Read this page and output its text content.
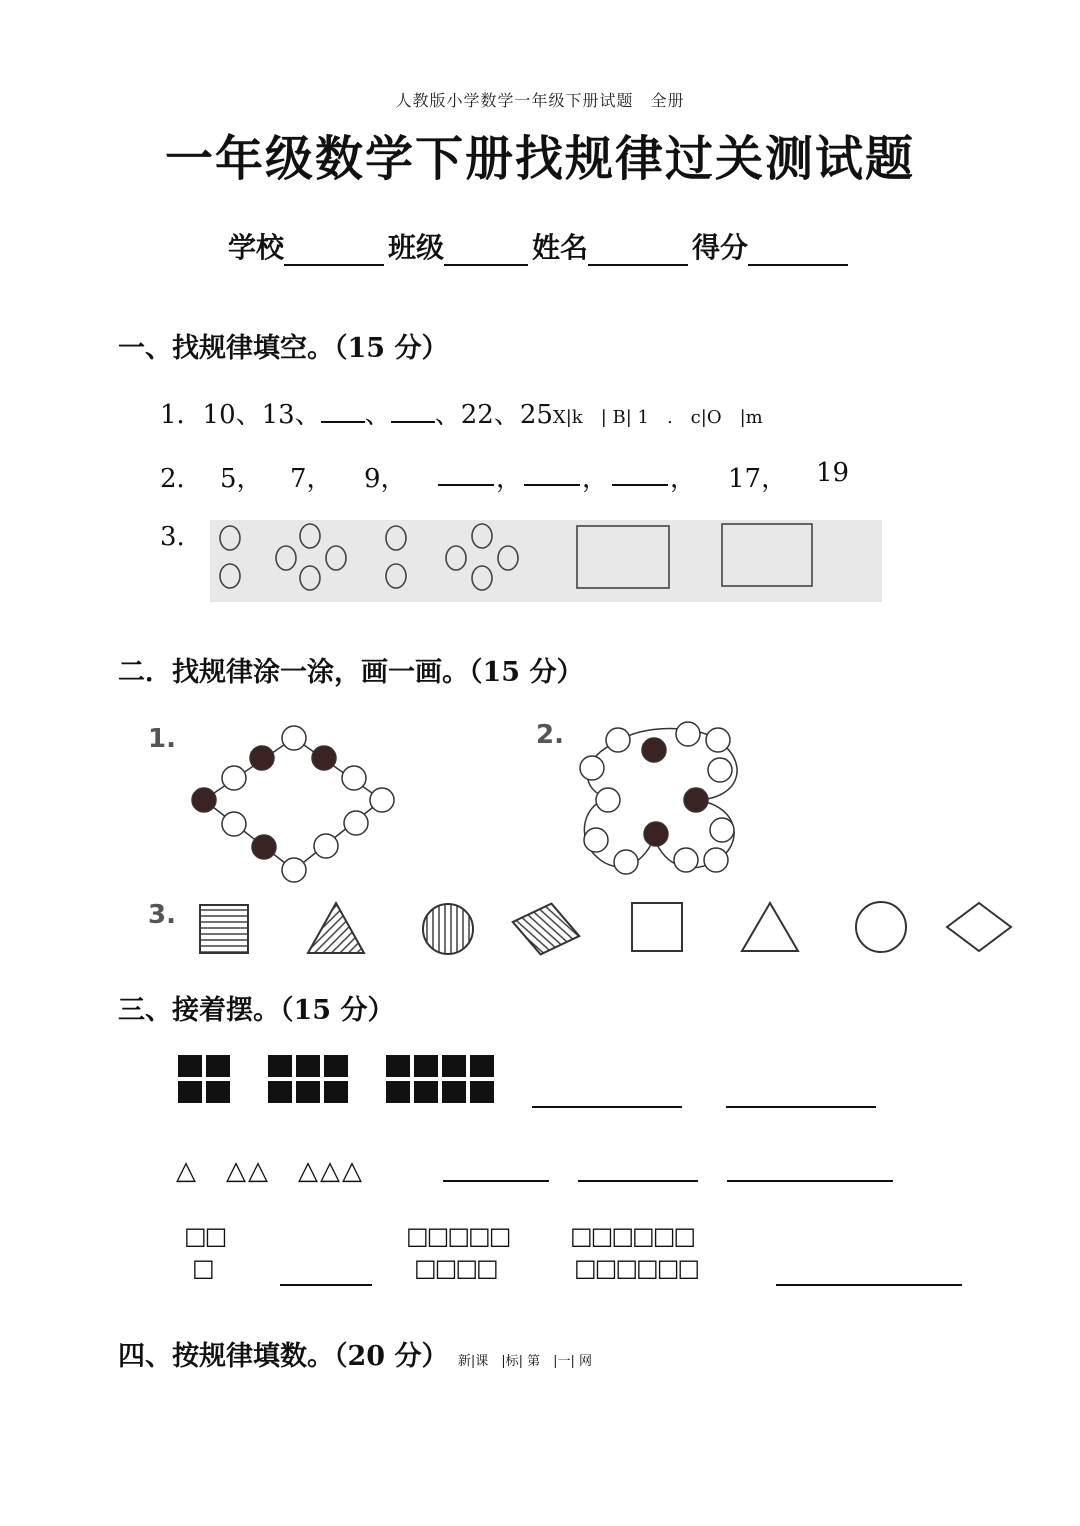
人教版小学数学一年级下册试题　全册
一年级数学下册找规律过关测试题
学校	班级	姓名	得分
一、找规律填空。（15 分）
1．10、13、 、 、22、25X|k　| B| 1　.　c|O　|m
2． 5， 7， 9，	， ， ， 17， 19
3.
二．找规律涂一涂，画一画。（15 分）
1.	2.
3.
三、接着摆。（15 分）
△　△△　△△△
□□
□
□□□□□
□□□□
□□□□□□
□□□□□□
四、按规律填数。（20 分） 新|课　|标| 第　|一| 网
